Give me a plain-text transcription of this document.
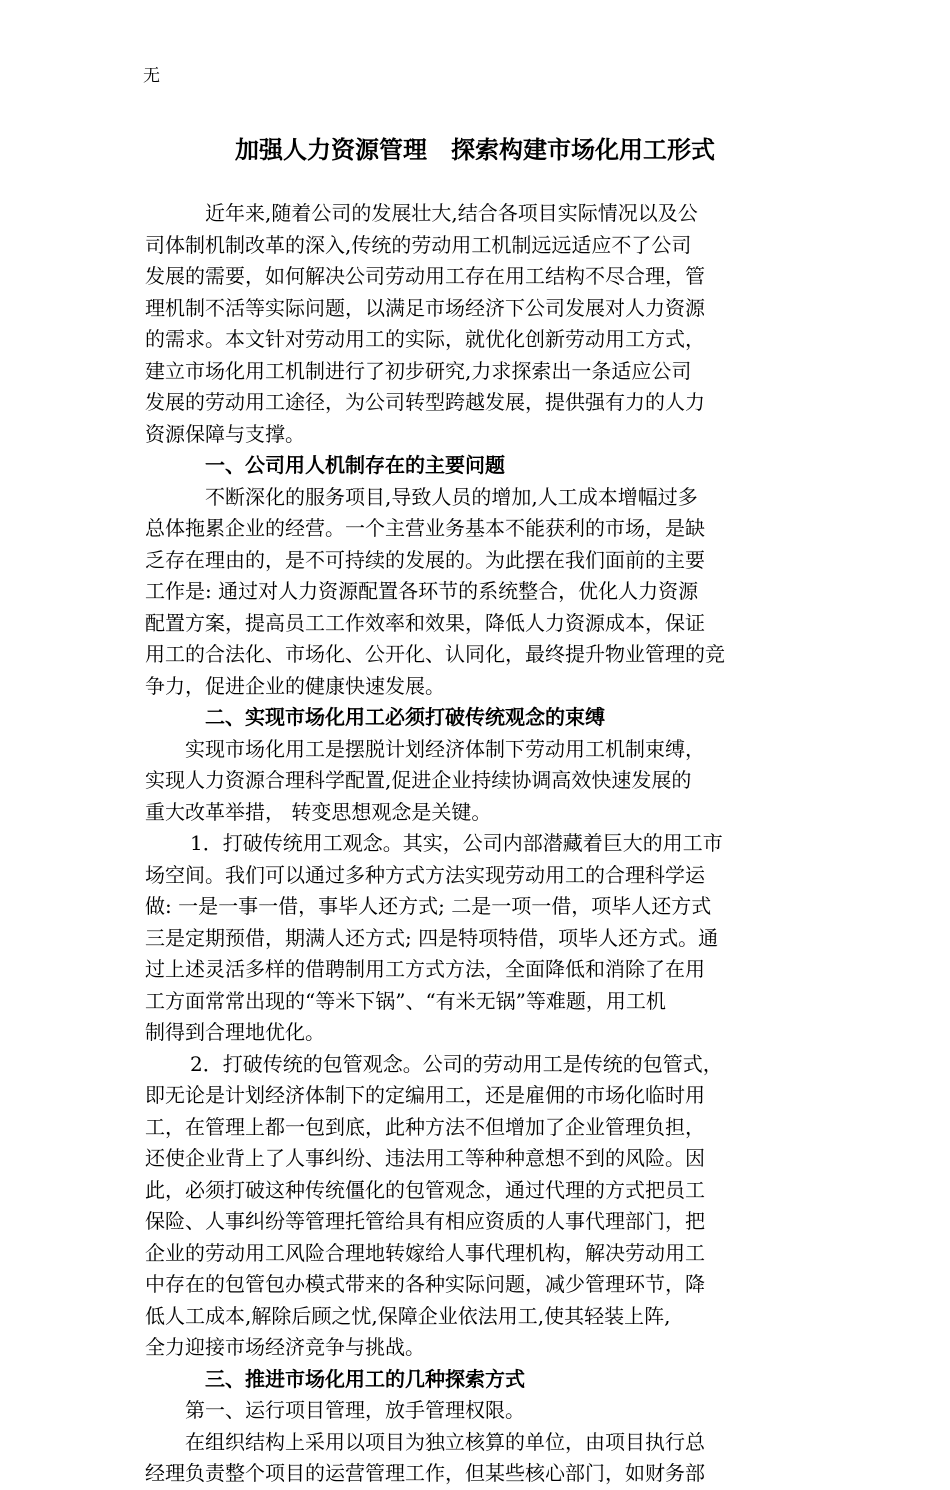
无
加强人力资源管理　探索构建市场化用工形式
近年来,随着公司的发展壮大,结合各项目实际情况以及公
司体制机制改革的深入,传统的劳动用工机制远远适应不了公司
发展的需要，如何解决公司劳动用工存在用工结构不尽合理，管
理机制不活等实际问题，以满足市场经济下公司发展对人力资源
的需求。本文针对劳动用工的实际，就优化创新劳动用工方式，
建立市场化用工机制进行了初步研究,力求探索出一条适应公司
发展的劳动用工途径，为公司转型跨越发展，提供强有力的人力
资源保障与支撑。
一、公司用人机制存在的主要问题
不断深化的服务项目,导致人员的增加,人工成本增幅过多
总体拖累企业的经营。一个主营业务基本不能获利的市场，是缺
乏存在理由的，是不可持续的发展的。为此摆在我们面前的主要
工作是: 通过对人力资源配置各环节的系统整合，优化人力资源
配置方案，提高员工工作效率和效果，降低人力资源成本，保证
用工的合法化、市场化、公开化、认同化，最终提升物业管理的竞
争力，促进企业的健康快速发展。
二、实现市场化用工必须打破传统观念的束缚
实现市场化用工是摆脱计划经济体制下劳动用工机制束缚，
实现人力资源合理科学配置,促进企业持续协调高效快速发展的
重大改革举措， 转变思想观念是关键。
1．打破传统用工观念。其实，公司内部潜藏着巨大的用工市
场空间。我们可以通过多种方式方法实现劳动用工的合理科学运
做: 一是一事一借，事毕人还方式; 二是一项一借，项毕人还方式
三是定期预借，期满人还方式; 四是特项特借，项毕人还方式。通
过上述灵活多样的借聘制用工方式方法，全面降低和消除了在用
工方面常常出现的“等米下锅”、“有米无锅”等难题，用工机
制得到合理地优化。
2．打破传统的包管观念。公司的劳动用工是传统的包管式，
即无论是计划经济体制下的定编用工，还是雇佣的市场化临时用
工，在管理上都一包到底，此种方法不但增加了企业管理负担，
还使企业背上了人事纠纷、违法用工等种种意想不到的风险。因
此，必须打破这种传统僵化的包管观念，通过代理的方式把员工
保险、人事纠纷等管理托管给具有相应资质的人事代理部门，把
企业的劳动用工风险合理地转嫁给人事代理机构，解决劳动用工
中存在的包管包办模式带来的各种实际问题，减少管理环节，降
低人工成本,解除后顾之忧,保障企业依法用工,使其轻装上阵,
全力迎接市场经济竞争与挑战。
三、推进市场化用工的几种探索方式
第一、运行项目管理，放手管理权限。
在组织结构上采用以项目为独立核算的单位，由项目执行总
经理负责整个项目的运营管理工作，但某些核心部门，如财务部
